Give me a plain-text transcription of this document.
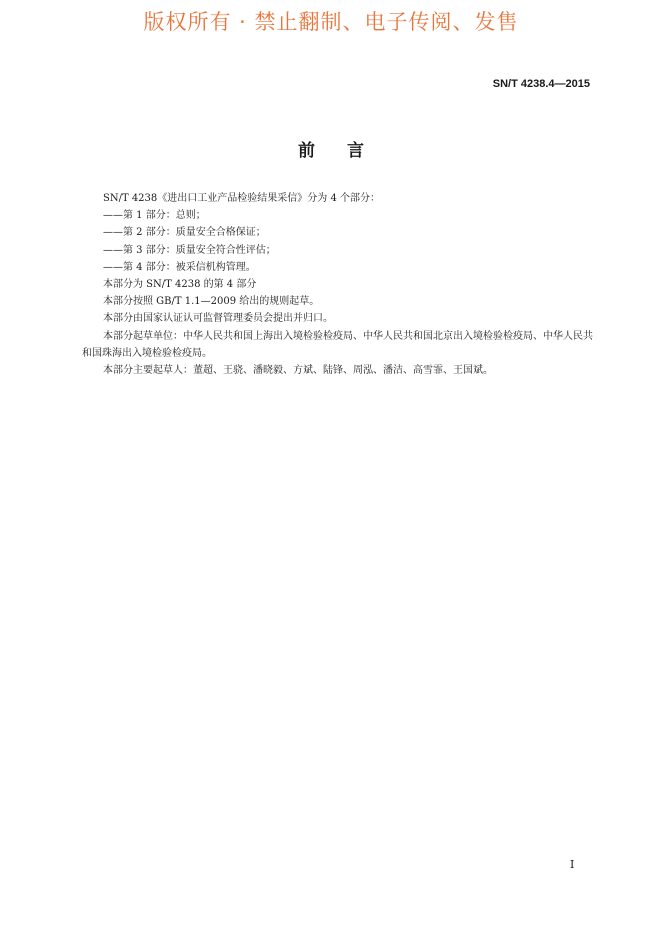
版权所有 · 禁止翻制、电子传阅、发售
SN/T 4238.4—2015
前言

SN/T 4238《进出口工业产品检验结果采信》分为 4 个部分：

——第 1 部分：总则；

——第 2 部分：质量安全合格保证；

——第 3 部分：质量安全符合性评估；

——第 4 部分：被采信机构管理。

本部分为 SN/T 4238 的第 4 部分

本部分按照 GB/T 1.1—2009 给出的规则起草。

本部分由国家认证认可监督管理委员会提出并归口。

本部分起草单位：中华人民共和国上海出入境检验检疫局、中华人民共和国北京出入境检验检疫局、中华人民共和国珠海出入境检验检疫局。

本部分主要起草人：董超、王骁、潘晓毅、方斌、陆锋、周泓、潘洁、高雪霏、王国斌。

I
